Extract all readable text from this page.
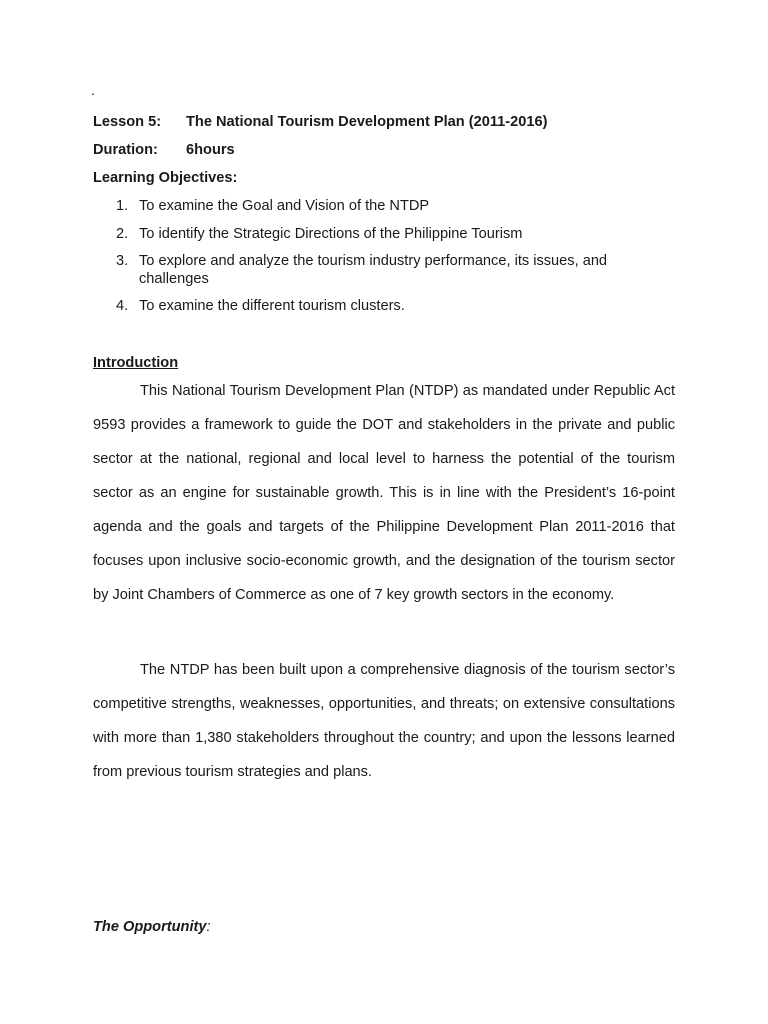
.
Lesson 5: The National Tourism Development Plan (2011-2016)
Duration: 6hours
Learning Objectives:
1. To examine the Goal and Vision of the NTDP
2. To identify the Strategic Directions of the Philippine Tourism
3. To explore and analyze the tourism industry performance, its issues, and challenges
4. To examine the different tourism clusters.
Introduction

This National Tourism Development Plan (NTDP) as mandated under Republic Act 9593 provides a framework to guide the DOT and stakeholders in the private and public sector at the national, regional and local level to harness the potential of the tourism sector as an engine for sustainable growth. This is in line with the President’s 16-point agenda and the goals and targets of the Philippine Development Plan 2011-2016 that focuses upon inclusive socio-economic growth, and the designation of the tourism sector by Joint Chambers of Commerce as one of 7 key growth sectors in the economy.

The NTDP has been built upon a comprehensive diagnosis of the tourism sector’s competitive strengths, weaknesses, opportunities, and threats; on extensive consultations with more than 1,380 stakeholders throughout the country; and upon the lessons learned from previous tourism strategies and plans.

The Opportunity:
